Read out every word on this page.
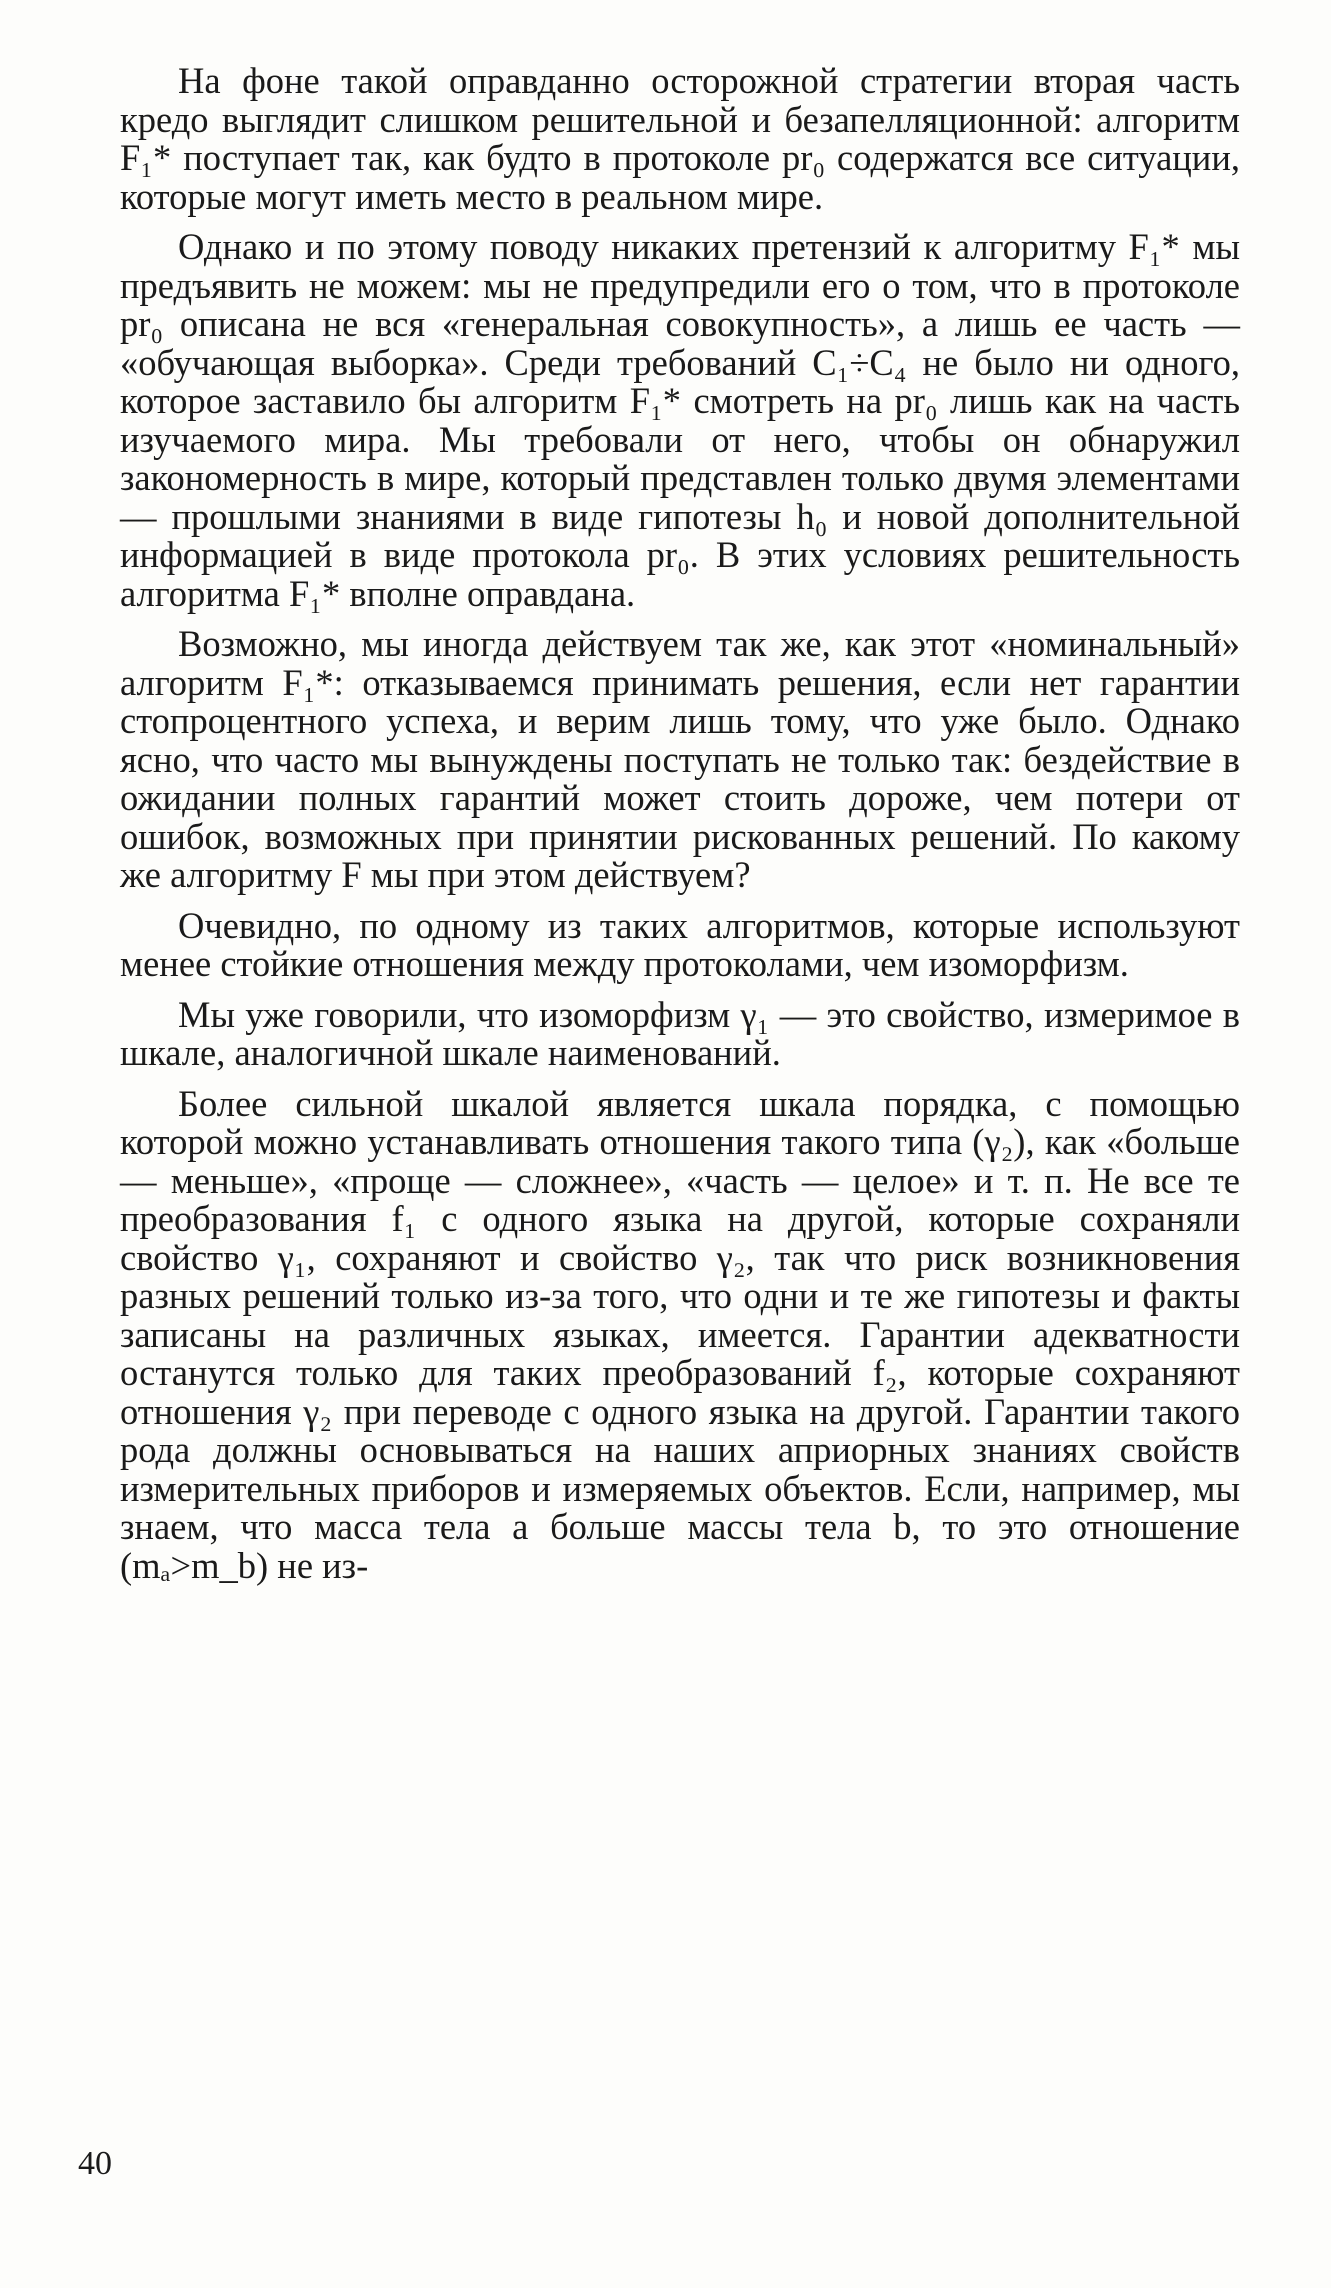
На фоне такой оправданно осторожной стратегии вторая часть кредо выглядит слишком решительной и безапелляционной: алгоритм F₁* поступает так, как будто в протоколе pr₀ содержатся все ситуации, которые могут иметь место в реальном мире.

Однако и по этому поводу никаких претензий к алгоритму F₁* мы предъявить не можем: мы не предупредили его о том, что в протоколе pr₀ описана не вся «генеральная совокупность», а лишь ее часть — «обучающая выборка». Среди требований C₁÷C₄ не было ни одного, которое заставило бы алгоритм F₁* смотреть на pr₀ лишь как на часть изучаемого мира. Мы требовали от него, чтобы он обнаружил закономерность в мире, который представлен только двумя элементами — прошлыми знаниями в виде гипотезы h₀ и новой дополнительной информацией в виде протокола pr₀. В этих условиях решительность алгоритма F₁* вполне оправдана.

Возможно, мы иногда действуем так же, как этот «номинальный» алгоритм F₁*: отказываемся принимать решения, если нет гарантии стопроцентного успеха, и верим лишь тому, что уже было. Однако ясно, что часто мы вынуждены поступать не только так: бездействие в ожидании полных гарантий может стоить дороже, чем потери от ошибок, возможных при принятии рискованных решений. По какому же алгоритму F мы при этом действуем?

Очевидно, по одному из таких алгоритмов, которые используют менее стойкие отношения между протоколами, чем изоморфизм.

Мы уже говорили, что изоморфизм γ₁ — это свойство, измеримое в шкале, аналогичной шкале наименований.

Более сильной шкалой является шкала порядка, с помощью которой можно устанавливать отношения такого типа (γ₂), как «больше — меньше», «проще — сложнее», «часть — целое» и т. п. Не все те преобразования f₁ с одного языка на другой, которые сохраняли свойство γ₁, сохраняют и свойство γ₂, так что риск возникновения разных решений только из-за того, что одни и те же гипотезы и факты записаны на различных языках, имеется. Гарантии адекватности останутся только для таких преобразований f₂, которые сохраняют отношения γ₂ при переводе с одного языка на другой. Гарантии такого рода должны основываться на наших априорных знаниях свойств измерительных приборов и измеряемых объектов. Если, например, мы знаем, что масса тела a больше массы тела b, то это отношение (mₐ>m_b) не из-

40
